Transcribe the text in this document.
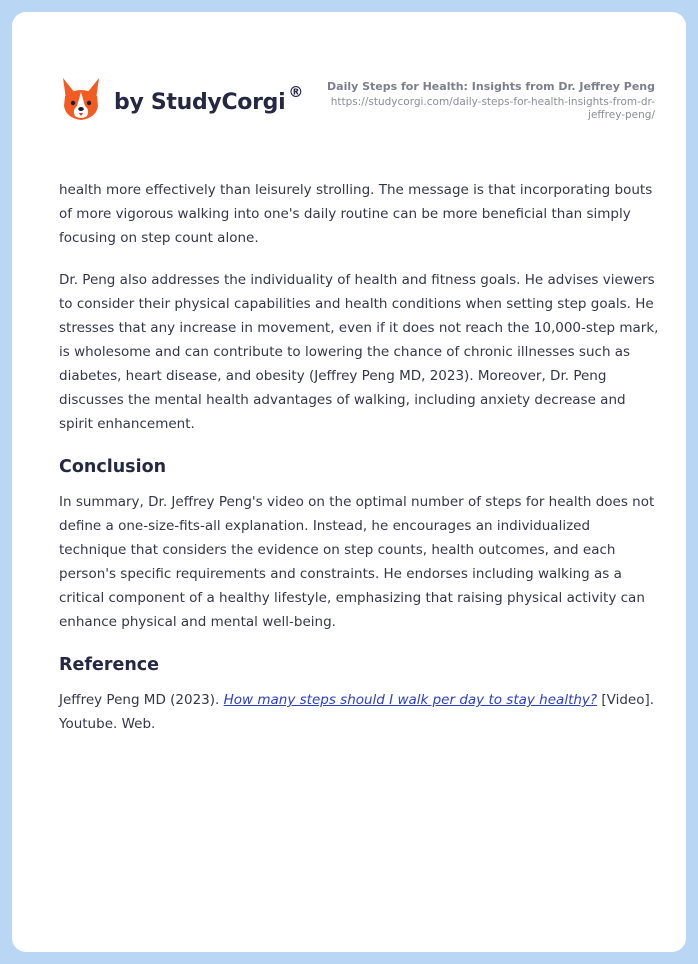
by StudyCorgi ®	Daily Steps for Health: Insights from Dr. Jeffrey Peng
https://studycorgi.com/daily-steps-for-health-insights-from-dr-jeffrey-peng/

health more effectively than leisurely strolling. The message is that incorporating bouts of more vigorous walking into one's daily routine can be more beneficial than simply focusing on step count alone.

Dr. Peng also addresses the individuality of health and fitness goals. He advises viewers to consider their physical capabilities and health conditions when setting step goals. He stresses that any increase in movement, even if it does not reach the 10,000-step mark, is wholesome and can contribute to lowering the chance of chronic illnesses such as diabetes, heart disease, and obesity (Jeffrey Peng MD, 2023). Moreover, Dr. Peng discusses the mental health advantages of walking, including anxiety decrease and spirit enhancement.

Conclusion

In summary, Dr. Jeffrey Peng's video on the optimal number of steps for health does not define a one-size-fits-all explanation. Instead, he encourages an individualized technique that considers the evidence on step counts, health outcomes, and each person's specific requirements and constraints. He endorses including walking as a critical component of a healthy lifestyle, emphasizing that raising physical activity can enhance physical and mental well-being.

Reference

Jeffrey Peng MD (2023). How many steps should I walk per day to stay healthy? [Video]. Youtube. Web.
